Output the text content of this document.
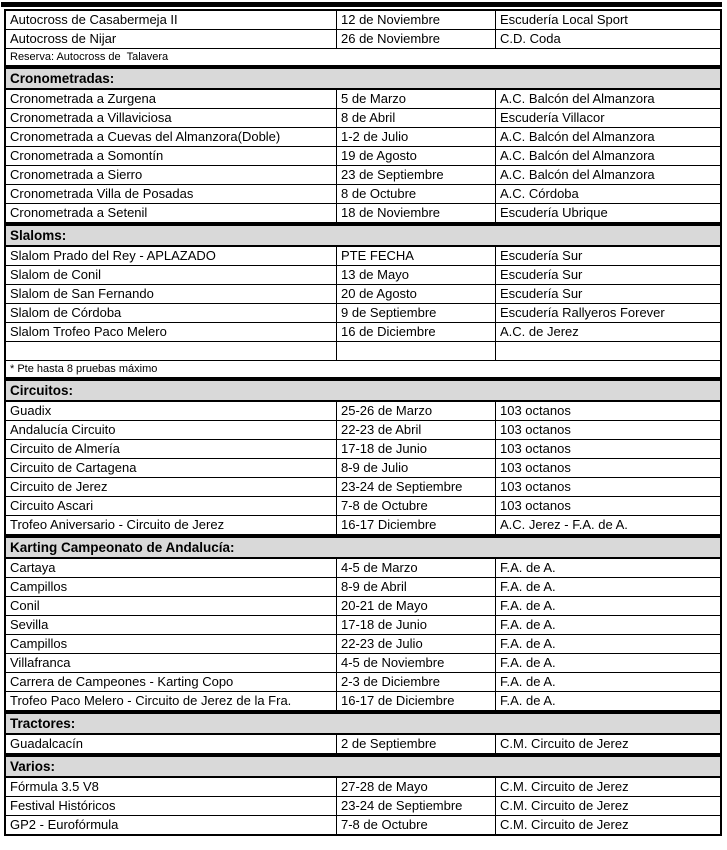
Autocross de Casabermeja II	12 de Noviembre	Escudería Local Sport
Autocross de Nijar	26 de Noviembre	C.D. Coda
Reserva: Autocross de  Talavera
Cronometradas:
Cronometrada a Zurgena	5 de Marzo	A.C. Balcón del Almanzora
Cronometrada a Villaviciosa	8 de Abril	Escudería Villacor
Cronometrada a Cuevas del Almanzora(Doble)	1-2 de Julio	A.C. Balcón del Almanzora
Cronometrada a Somontín	19 de Agosto	A.C. Balcón del Almanzora
Cronometrada a Sierro	23 de Septiembre	A.C. Balcón del Almanzora
Cronometrada Villa de Posadas	8 de Octubre	A.C. Córdoba
Cronometrada a Setenil	18 de Noviembre	Escudería Ubrique
Slaloms:
Slalom Prado del Rey - APLAZADO	PTE FECHA	Escudería Sur
Slalom de Conil	13 de Mayo	Escudería Sur
Slalom de San Fernando	20 de Agosto	Escudería Sur
Slalom de Córdoba	9 de Septiembre	Escudería Rallyeros Forever
Slalom Trofeo Paco Melero	16 de Diciembre	A.C. de Jerez
* Pte hasta 8 pruebas máximo
Circuitos:
Guadix	25-26 de Marzo	103 octanos
Andalucía Circuito	22-23 de Abril	103 octanos
Circuito de Almería	17-18 de Junio	103 octanos
Circuito de Cartagena	8-9 de Julio	103 octanos
Circuito de Jerez	23-24 de Septiembre	103 octanos
Circuito Ascari	7-8 de Octubre	103 octanos
Trofeo Aniversario - Circuito de Jerez	16-17 Diciembre	A.C. Jerez - F.A. de A.
Karting Campeonato de Andalucía:
Cartaya	4-5 de Marzo	F.A. de A.
Campillos	8-9 de Abril	F.A. de A.
Conil	20-21 de Mayo	F.A. de A.
Sevilla	17-18 de Junio	F.A. de A.
Campillos	22-23 de Julio	F.A. de A.
Villafranca	4-5 de Noviembre	F.A. de A.
Carrera de Campeones - Karting Copo	2-3 de Diciembre	F.A. de A.
Trofeo Paco Melero - Circuito de Jerez de la Fra.	16-17 de Diciembre	F.A. de A.
Tractores:
Guadalcacín	2 de Septiembre	C.M. Circuito de Jerez
Varios:
Fórmula 3.5 V8	27-28 de Mayo	C.M. Circuito de Jerez
Festival Históricos	23-24 de Septiembre	C.M. Circuito de Jerez
GP2 - Eurofórmula	7-8 de Octubre	C.M. Circuito de Jerez
